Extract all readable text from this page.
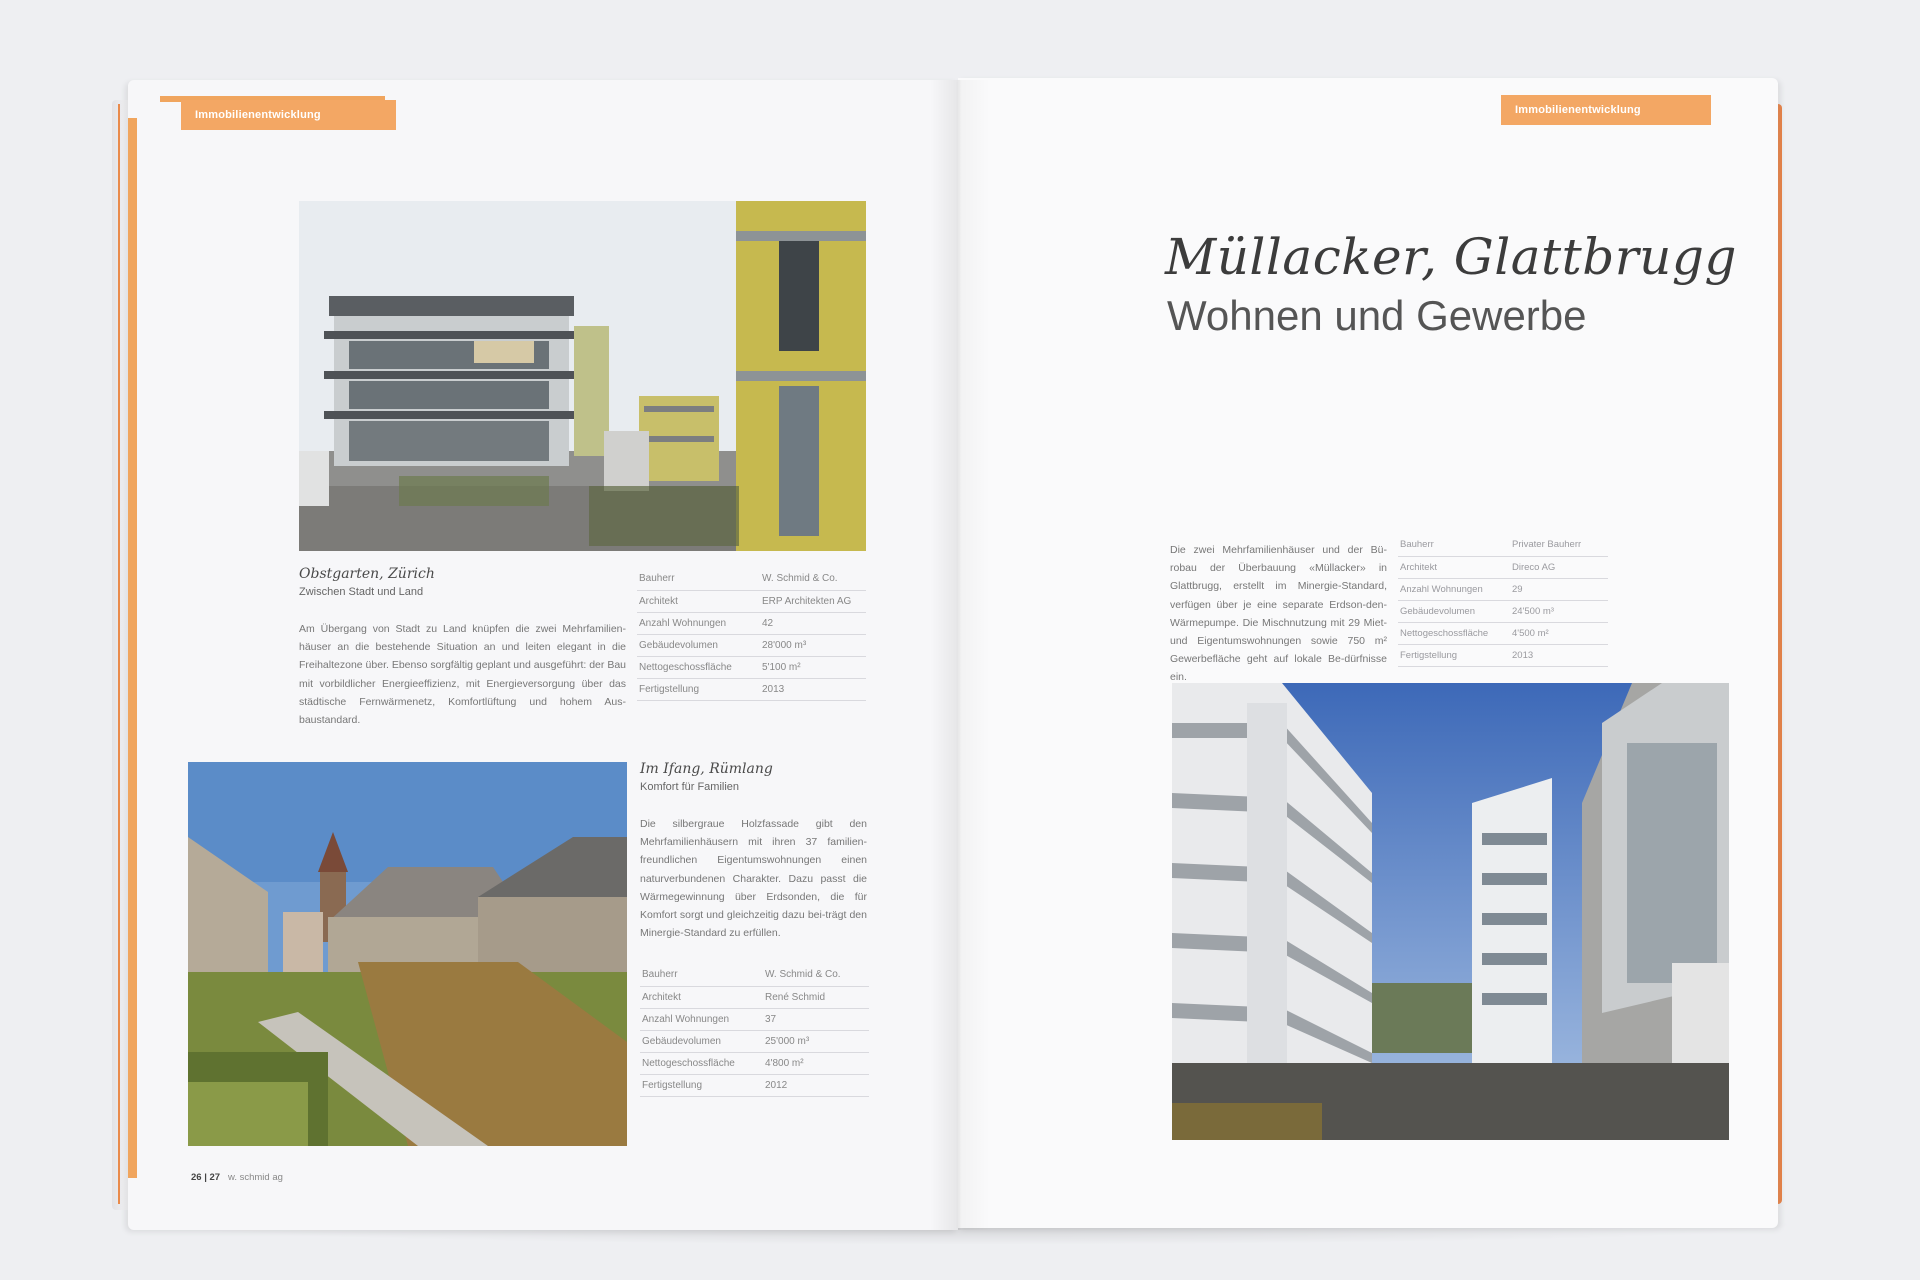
Immobilienentwicklung	Immobilienentwicklung
Obstgarten, Zürich
Zwischen Stadt und Land
Am Übergang von Stadt zu Land knüpfen die zwei Mehrfamilien-häuser an die bestehende Situation an und leiten elegant in die Freihaltezone über. Ebenso sorgfältig geplant und ausgeführt: der Bau mit vorbildlicher Energieeffizienz, mit Energieversorgung über das städtische Fernwärmenetz, Komfortlüftung und hohem Aus-baustandard.
Bauherr	W. Schmid & Co.
Architekt	ERP Architekten AG
Anzahl Wohnungen	42
Gebäudevolumen	28'000 m³
Nettogeschossfläche	5'100 m²
Fertigstellung	2013
Im Ifang, Rümlang
Komfort für Familien
Die silbergraue Holzfassade gibt den Mehrfamilienhäusern mit ihren 37 familien-freundlichen Eigentumswohnungen einen naturverbundenen Charakter. Dazu passt die Wärmegewinnung über Erdsonden, die für Komfort sorgt und gleichzeitig dazu bei-trägt den Minergie-Standard zu erfüllen.
Bauherr	W. Schmid & Co.
Architekt	René Schmid
Anzahl Wohnungen	37
Gebäudevolumen	25'000 m³
Nettogeschossfläche	4'800 m²
Fertigstellung	2012
26 | 27 w. schmid ag
Müllacker, Glattbrugg
Wohnen und Gewerbe
Die zwei Mehrfamilienhäuser und der Bü-robau der Überbauung «Müllacker» in Glattbrugg, erstellt im Minergie-Standard, verfügen über je eine separate Erdson-den-Wärmepumpe. Die Mischnutzung mit 29 Miet- und Eigentumswohnungen sowie 750 m² Gewerbefläche geht auf lokale Be-dürfnisse ein.
Bauherr	Privater Bauherr
Architekt	Direco AG
Anzahl Wohnungen	29
Gebäudevolumen	24'500 m³
Nettogeschossfläche	4'500 m²
Fertigstellung	2013
